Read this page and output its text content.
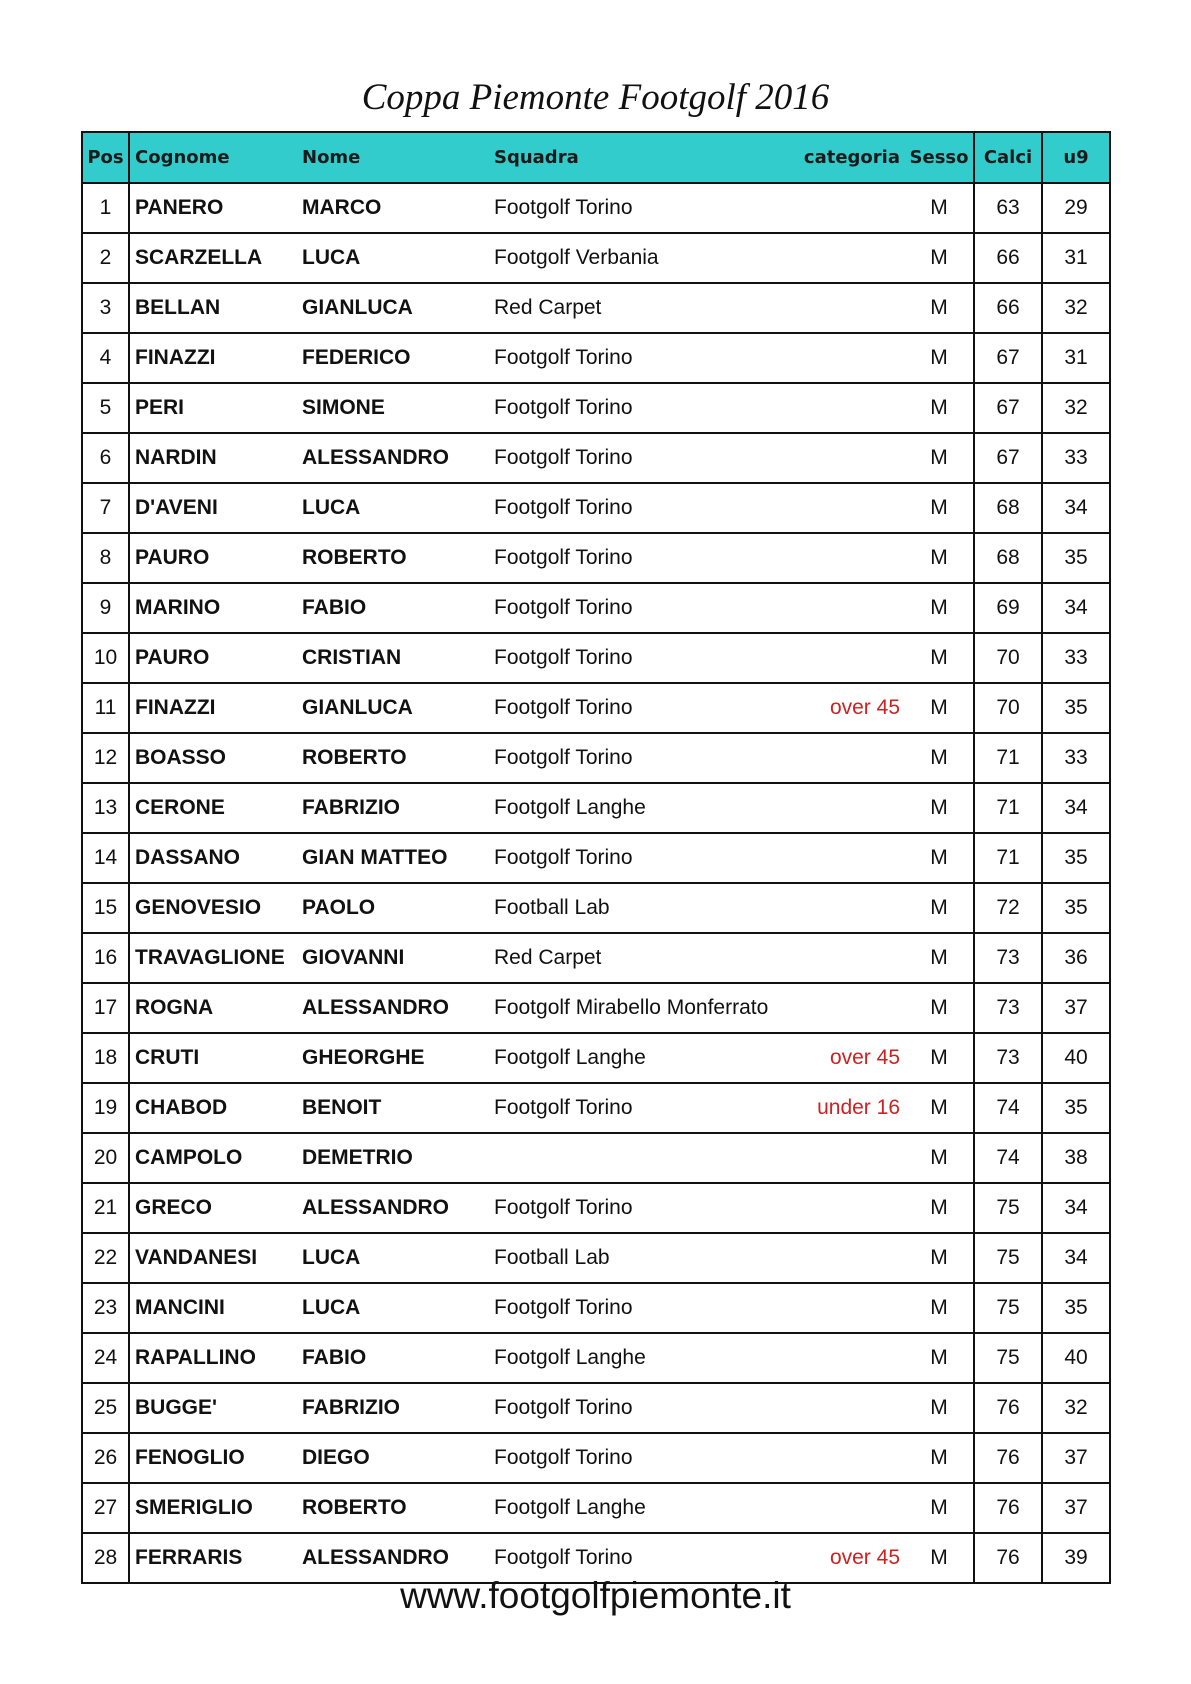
Coppa Piemonte Footgolf 2016
Pos	Cognome	Nome	Squadra	categoria	Sesso	Calci	u9
1	PANERO	MARCO	Footgolf Torino		M	63	29
2	SCARZELLA	LUCA	Footgolf Verbania		M	66	31
3	BELLAN	GIANLUCA	Red Carpet		M	66	32
4	FINAZZI	FEDERICO	Footgolf Torino		M	67	31
5	PERI	SIMONE	Footgolf Torino		M	67	32
6	NARDIN	ALESSANDRO	Footgolf Torino		M	67	33
7	D'AVENI	LUCA	Footgolf Torino		M	68	34
8	PAURO	ROBERTO	Footgolf Torino		M	68	35
9	MARINO	FABIO	Footgolf Torino		M	69	34
10	PAURO	CRISTIAN	Footgolf Torino		M	70	33
11	FINAZZI	GIANLUCA	Footgolf Torino	over 45	M	70	35
12	BOASSO	ROBERTO	Footgolf Torino		M	71	33
13	CERONE	FABRIZIO	Footgolf Langhe		M	71	34
14	DASSANO	GIAN MATTEO	Footgolf Torino		M	71	35
15	GENOVESIO	PAOLO	Football Lab		M	72	35
16	TRAVAGLIONE	GIOVANNI	Red Carpet		M	73	36
17	ROGNA	ALESSANDRO	Footgolf Mirabello Monferrato		M	73	37
18	CRUTI	GHEORGHE	Footgolf Langhe	over 45	M	73	40
19	CHABOD	BENOIT	Footgolf Torino	under 16	M	74	35
20	CAMPOLO	DEMETRIO			M	74	38
21	GRECO	ALESSANDRO	Footgolf Torino		M	75	34
22	VANDANESI	LUCA	Football Lab		M	75	34
23	MANCINI	LUCA	Footgolf Torino		M	75	35
24	RAPALLINO	FABIO	Footgolf Langhe		M	75	40
25	BUGGE'	FABRIZIO	Footgolf Torino		M	76	32
26	FENOGLIO	DIEGO	Footgolf Torino		M	76	37
27	SMERIGLIO	ROBERTO	Footgolf Langhe		M	76	37
28	FERRARIS	ALESSANDRO	Footgolf Torino	over 45	M	76	39
www.footgolfpiemonte.it
